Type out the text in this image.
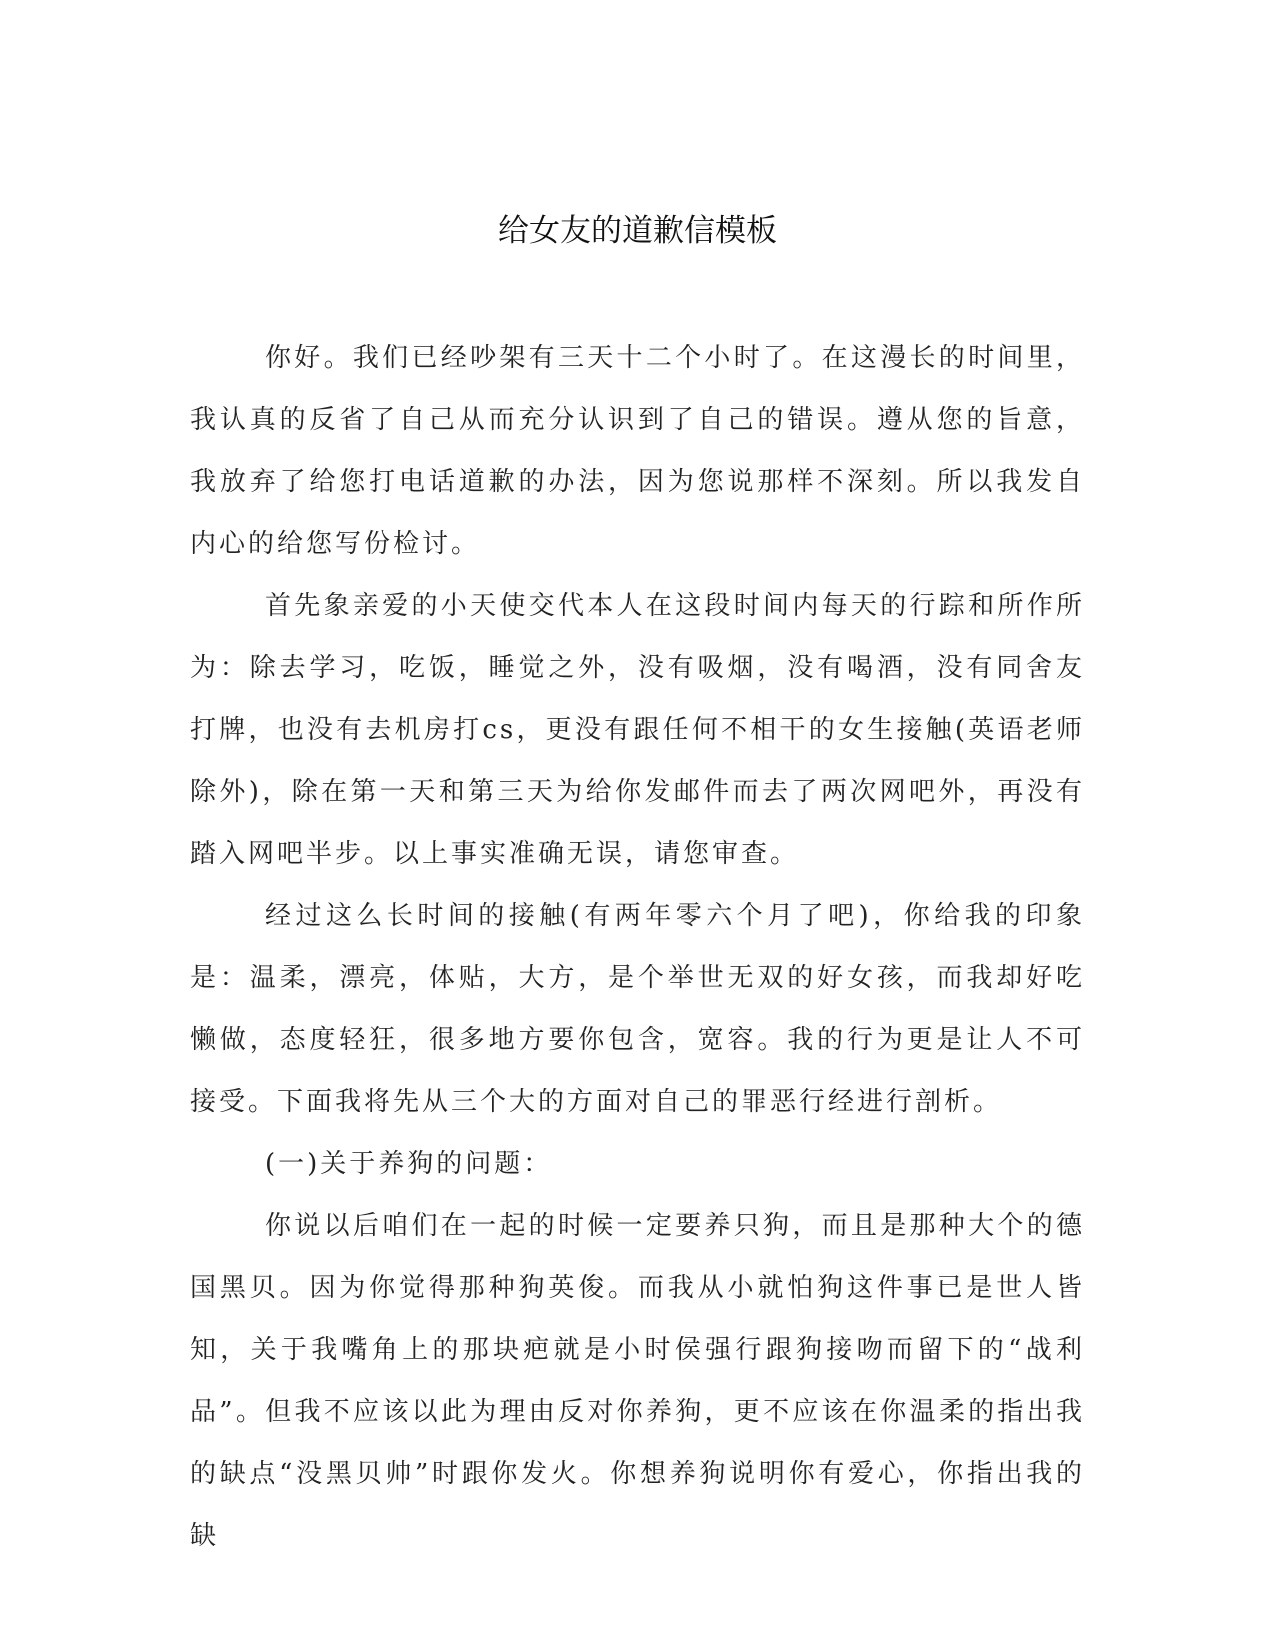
给女友的道歉信模板

你好。我们已经吵架有三天十二个小时了。在这漫长的时间里，我认真的反省了自己从而充分认识到了自己的错误。遵从您的旨意，我放弃了给您打电话道歉的办法，因为您说那样不深刻。所以我发自内心的给您写份检讨。

首先象亲爱的小天使交代本人在这段时间内每天的行踪和所作所为：除去学习，吃饭，睡觉之外，没有吸烟，没有喝酒，没有同舍友打牌，也没有去机房打cs，更没有跟任何不相干的女生接触(英语老师除外)，除在第一天和第三天为给你发邮件而去了两次网吧外，再没有踏入网吧半步。以上事实准确无误，请您审查。

经过这么长时间的接触(有两年零六个月了吧)，你给我的印象是：温柔，漂亮，体贴，大方，是个举世无双的好女孩，而我却好吃懒做，态度轻狂，很多地方要你包含，宽容。我的行为更是让人不可接受。下面我将先从三个大的方面对自己的罪恶行经进行剖析。

(一)关于养狗的问题：

你说以后咱们在一起的时候一定要养只狗，而且是那种大个的德国黑贝。因为你觉得那种狗英俊。而我从小就怕狗这件事已是世人皆知，关于我嘴角上的那块疤就是小时侯强行跟狗接吻而留下的“战利品”。但我不应该以此为理由反对你养狗，更不应该在你温柔的指出我的缺点“没黑贝帅”时跟你发火。你想养狗说明你有爱心，你指出我的缺
